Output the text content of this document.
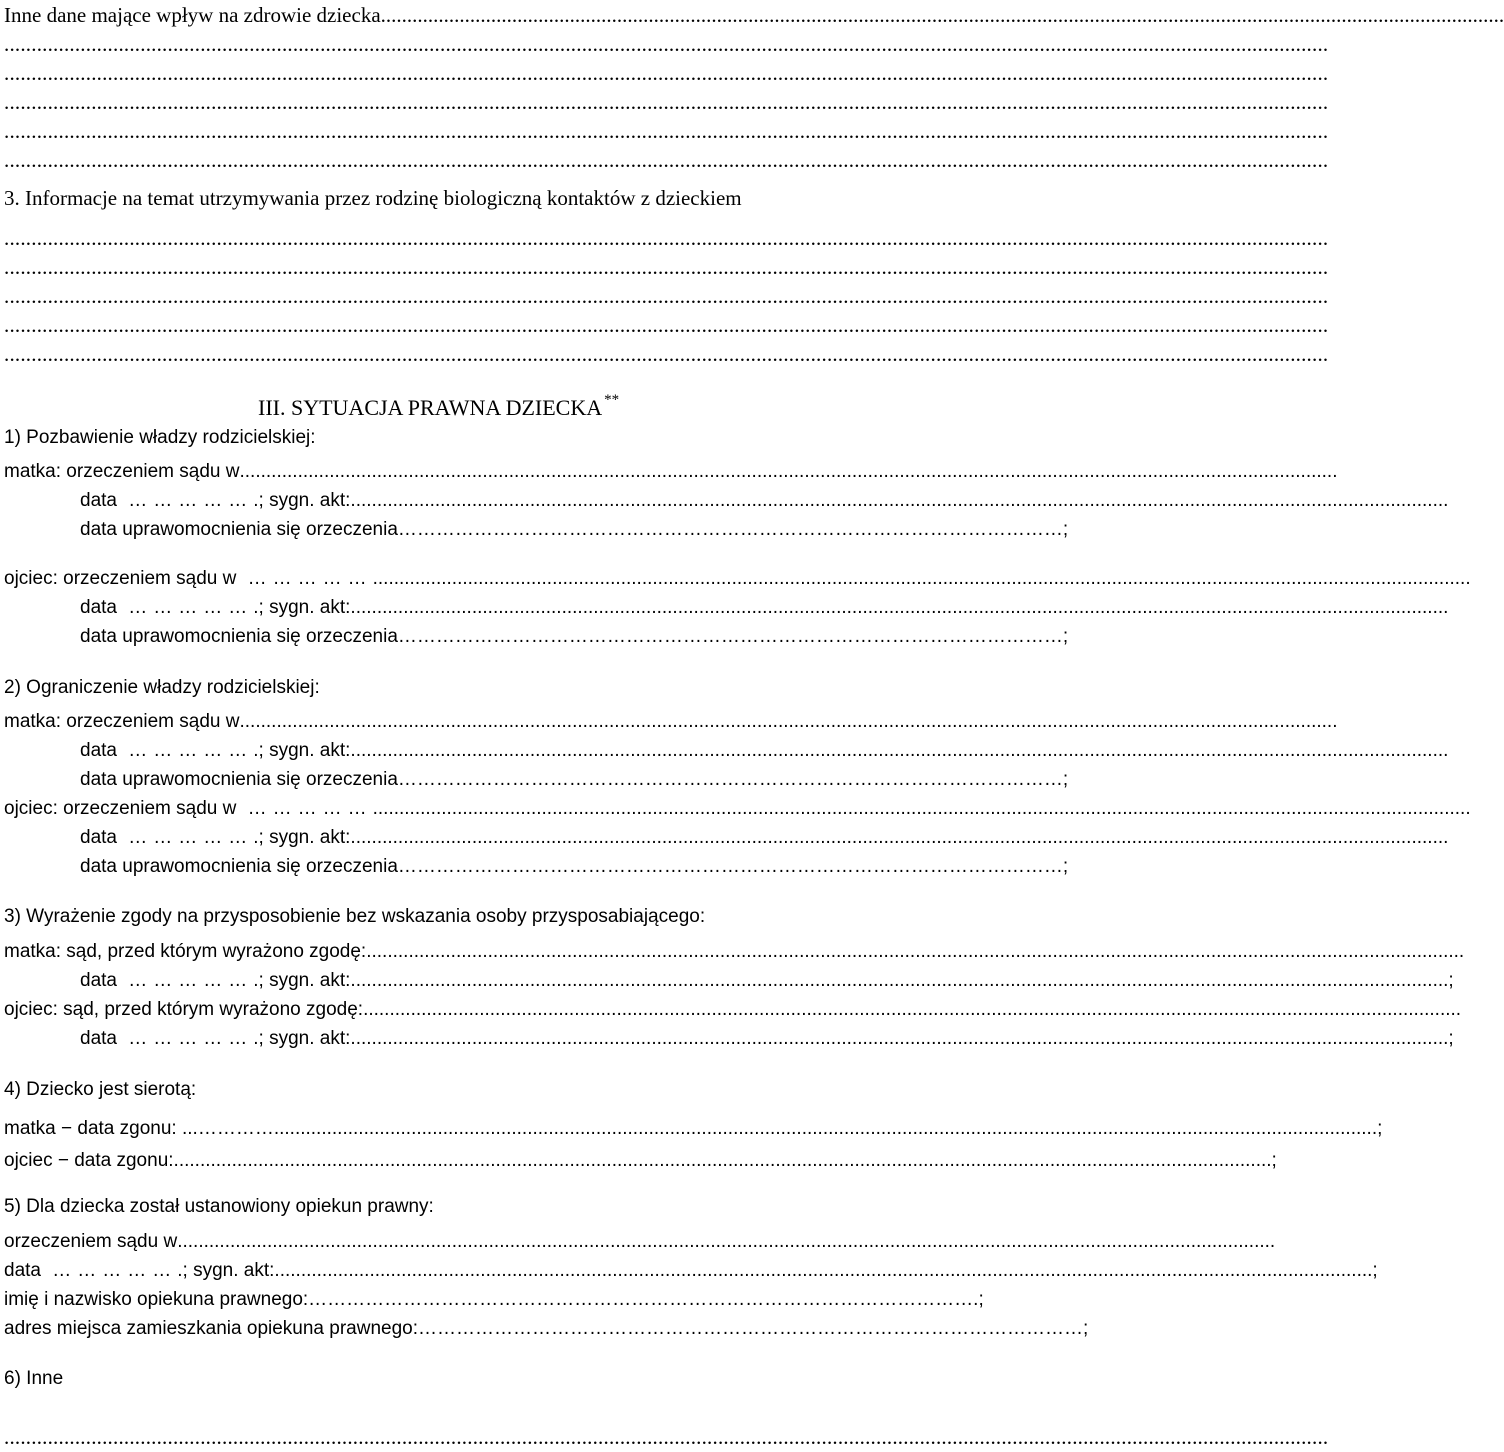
Inne dane mające wpływ na zdrowie dziecka ......................................................................................................................................................................................................................
...................................................................................................................................................................................................................................................
...................................................................................................................................................................................................................................................
...................................................................................................................................................................................................................................................
...................................................................................................................................................................................................................................................
...................................................................................................................................................................................................................................................
3. Informacje na temat utrzymywania przez rodzinę biologiczną kontaktów z dzieckiem
...................................................................................................................................................................................................................................................
...................................................................................................................................................................................................................................................
...................................................................................................................................................................................................................................................
...................................................................................................................................................................................................................................................
...................................................................................................................................................................................................................................................
III. SYTUACJA PRAWNA DZIECKA **
1) Pozbawienie władzy rodzicielskiej:
matka: orzeczeniem sądu w ................................................................................................................................................................................................................
data …………… .; sygn. akt: ................................................................................................................................................................................................................
data uprawomocnienia się orzeczenia …………………………………………………………………………………………… ;
ojciec: orzeczeniem sądu w …………… ................................................................................................................................................................................................................
data …………… .; sygn. akt: ................................................................................................................................................................................................................
data uprawomocnienia się orzeczenia …………………………………………………………………………………………… ;
2) Ograniczenie władzy rodzicielskiej:
matka: orzeczeniem sądu w ................................................................................................................................................................................................................
data …………… .; sygn. akt: ................................................................................................................................................................................................................
data uprawomocnienia się orzeczenia …………………………………………………………………………………………… ;
ojciec: orzeczeniem sądu w …………… ................................................................................................................................................................................................................
data …………… .; sygn. akt: ................................................................................................................................................................................................................
data uprawomocnienia się orzeczenia …………………………………………………………………………………………… ;
3) Wyrażenie zgody na przysposobienie bez wskazania osoby przysposabiającego:
matka: sąd, przed którym wyrażono zgodę: ................................................................................................................................................................................................................
data …………… .; sygn. akt: ................................................................................................................................................................................................................ ;
ojciec: sąd, przed którym wyrażono zgodę: ................................................................................................................................................................................................................
data …………… .; sygn. akt: ................................................................................................................................................................................................................ ;
4) Dziecko jest sierotą:
matka − data zgonu: ...…………. ................................................................................................................................................................................................................ ;
ojciec − data zgonu: ................................................................................................................................................................................................................ ;
5) Dla dziecka został ustanowiony opiekun prawny:
orzeczeniem sądu w ................................................................................................................................................................................................................
data …………… .; sygn. akt: ................................................................................................................................................................................................................ ;
imię i nazwisko opiekuna prawnego: …………………………………………………………………………………………… .;
adres miejsca zamieszkania opiekuna prawnego: …………………………………………………………………………………………… ;
6) Inne
...................................................................................................................................................................................................................................................
